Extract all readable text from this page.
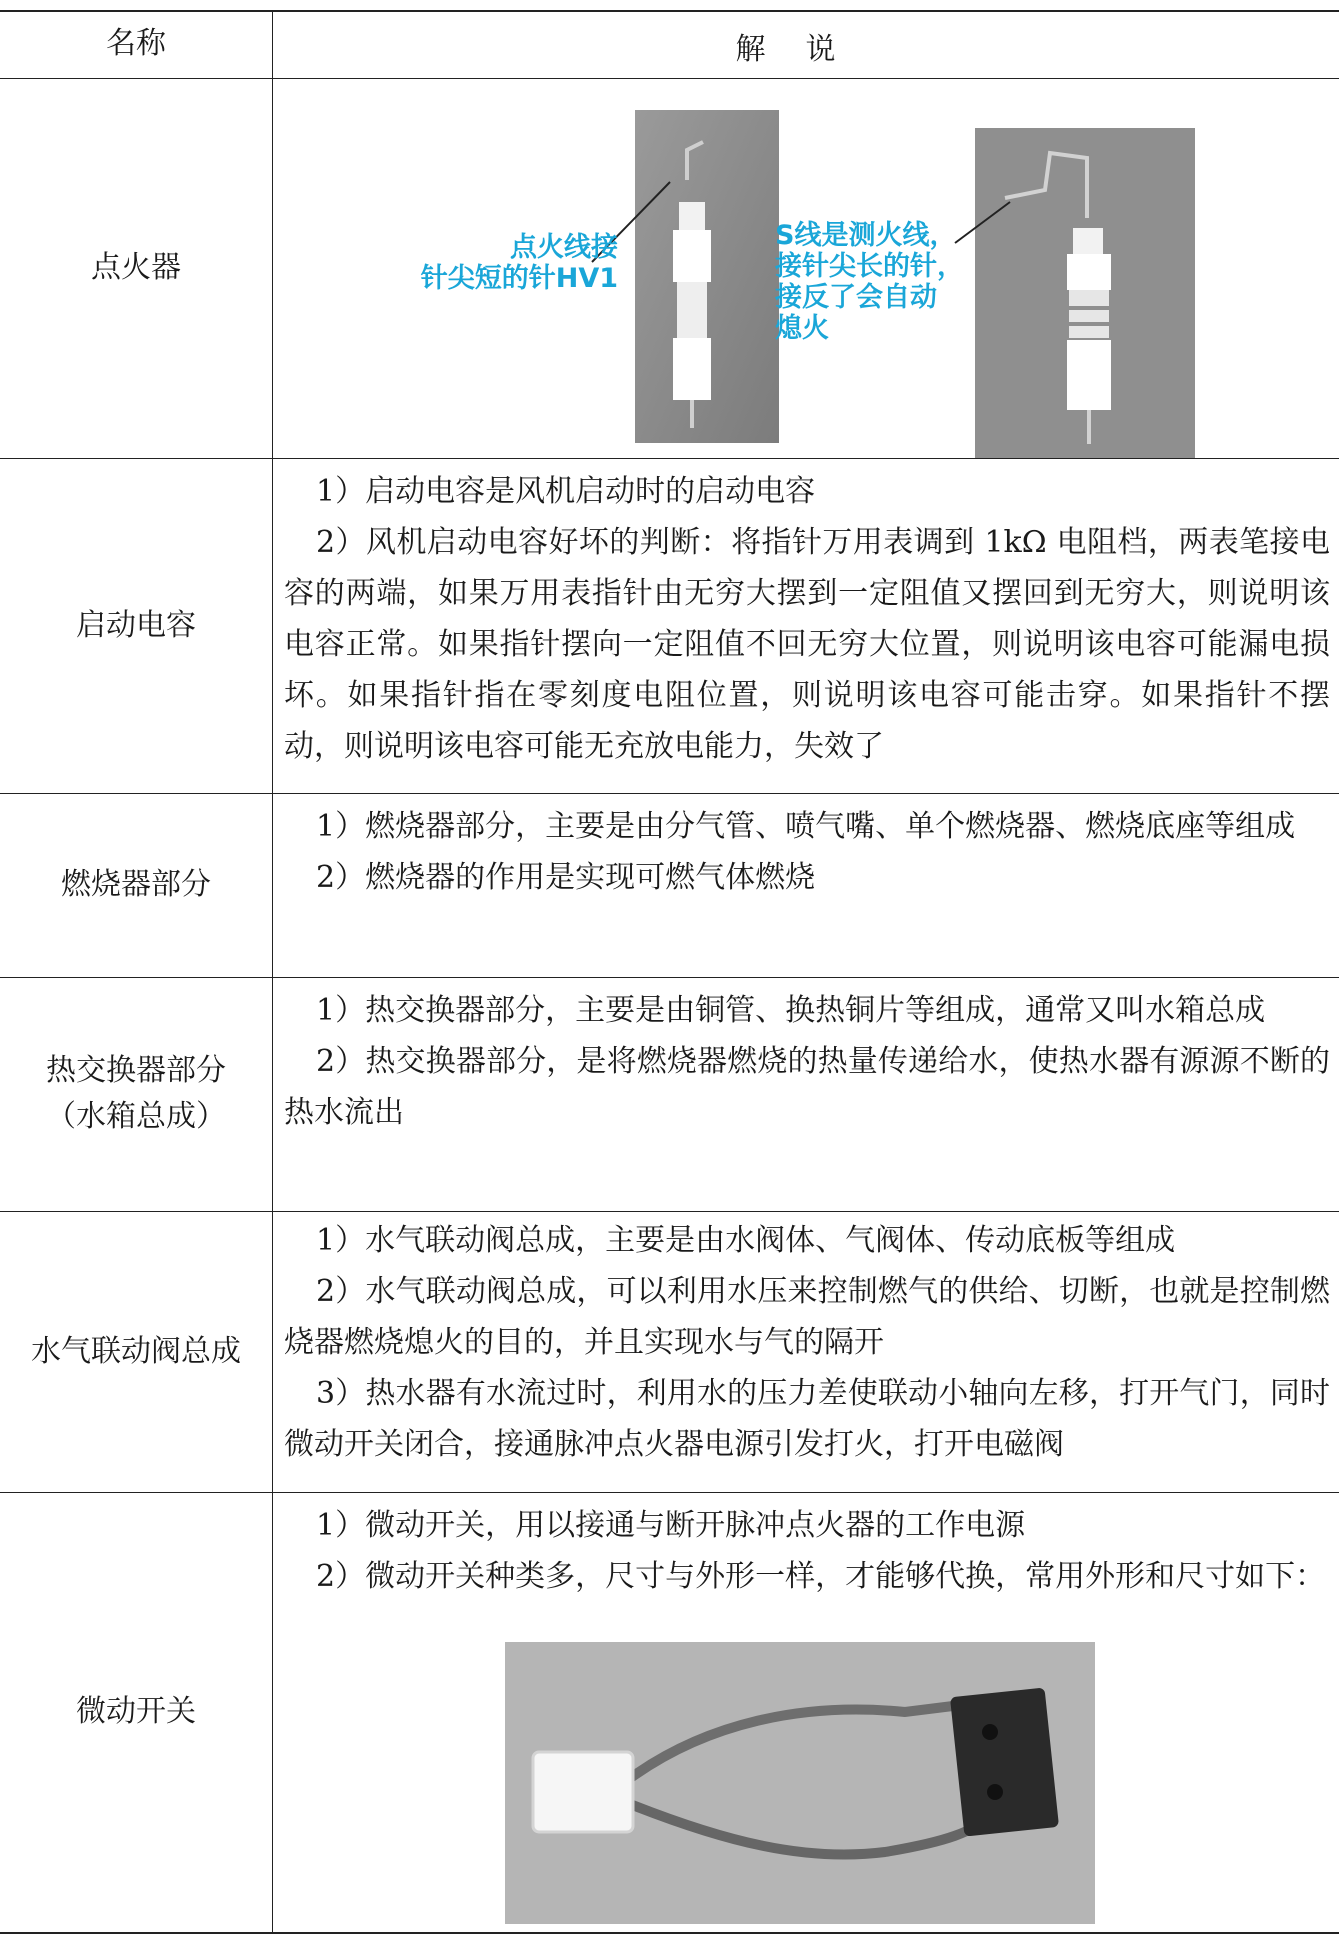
名称	解说
点火器
点火线接
针尖短的针HV1
S线是测火线，
接针尖长的针，
接反了会自动
熄火
启动电容

1）启动电容是风机启动时的启动电容

2）风机启动电容好坏的判断：将指针万用表调到 1kΩ 电阻档，两表笔接电容的两端，如果万用表指针由无穷大摆到一定阻值又摆回到无穷大，则说明该电容正常。如果指针摆向一定阻值不回无穷大位置，则说明该电容可能漏电损坏。如果指针指在零刻度电阻位置，则说明该电容可能击穿。如果指针不摆动，则说明该电容可能无充放电能力，失效了

燃烧器部分

1）燃烧器部分，主要是由分气管、喷气嘴、单个燃烧器、燃烧底座等组成

2）燃烧器的作用是实现可燃气体燃烧

热交换器部分
（水箱总成）

1）热交换器部分，主要是由铜管、换热铜片等组成，通常又叫水箱总成

2）热交换器部分，是将燃烧器燃烧的热量传递给水，使热水器有源源不断的热水流出

水气联动阀总成

1）水气联动阀总成，主要是由水阀体、气阀体、传动底板等组成

2）水气联动阀总成，可以利用水压来控制燃气的供给、切断，也就是控制燃烧器燃烧熄火的目的，并且实现水与气的隔开

3）热水器有水流过时，利用水的压力差使联动小轴向左移，打开气门，同时微动开关闭合，接通脉冲点火器电源引发打火，打开电磁阀

微动开关

1）微动开关，用以接通与断开脉冲点火器的工作电源

2）微动开关种类多，尺寸与外形一样，才能够代换，常用外形和尺寸如下：
